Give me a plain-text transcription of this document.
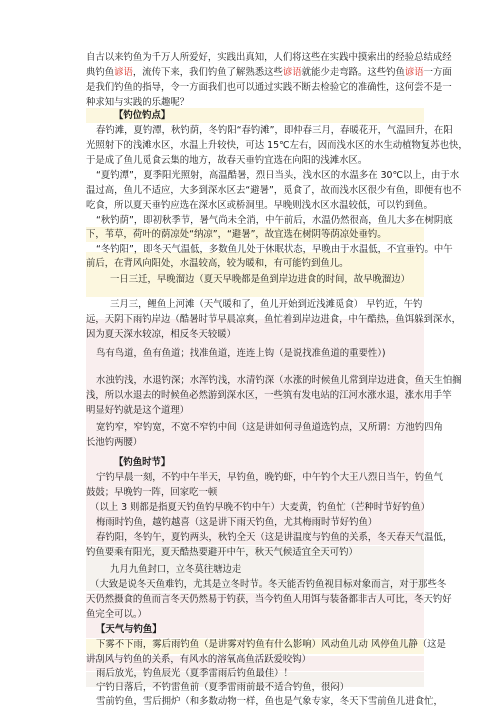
自古以来钓鱼为千万人所爱好，实践出真知，人们将这些在实践中摸索出的经验总结成经
典钓鱼谚语，流传下来，我们钓鱼了解熟悉这些谚语就能少走弯路。这些钓鱼谚语一方面
是我们钓鱼的指导，令一方面我们也可以通过实践不断去检验它的准确性，这何尝不是一
种求知与实践的乐趣呢？
【钓位钓点】
春钓滩，夏钓潭，秋钓荫，冬钓阳“春钓滩”，即仲春三月，春暖花开，气温回升，在阳
光照射下的浅滩水区，水温上升较快，可达 15℃左右，因而浅水区的水生动植物复苏也快，
于是成了鱼儿觅食云集的地方，故春天垂钓宜选在向阳的浅滩水区。
“夏钓潭”，夏季阳光照射，高温酷暑，烈日当头，浅水区的水温多在 30℃以上，由于水
温过高，鱼儿不适应，大多到深水区去“避暑”，觅食了，故而浅水区很少有鱼，即便有也不
吃食，所以夏天垂钓应选在深水区或桥洞里。早晚则浅水区水温较低，可以钓到鱼。
“秋钓荫”，即初秋季节，暑气尚未全消，中午前后，水温仍然很高，鱼儿大多在树阴底
下，苇草，荷叶的荫凉处“纳凉”，“避暑”，故宜选在树阴等荫凉处垂钓。
“冬钓阳”，即冬天气温低，多数鱼儿处于休眠状态，早晚由于水温低，不宜垂钓。中午
前后，在背风向阳处，水温较高，较为暖和，有可能钓到鱼儿。
一日三迁，早晚溜边（夏天早晚都是鱼到岸边进食的时间，故早晚溜边）
三月三，鲤鱼上河滩（天气暖和了，鱼儿开始到近浅滩觅食） 早钓近，午钓
远，天阴下雨钓岸边（酷暑时节早晨凉爽，鱼忙着到岸边进食，中午酷热，鱼饵躲到深水，
因为夏天深水较凉，相反冬天较暖）
鸟有鸟道，鱼有鱼道；找准鱼道，连连上钩（是说找准鱼道的重要性）)
水浊钓浅，水退钓深；水浑钓浅，水清钓深（水涨的时候鱼儿常到岸边进食，鱼天生怕搁
浅，所以水退去的时候鱼必然游到深水区，一些筑有发电站的江河水涨水退，涨水用手竿
明显好钓就是这个道理）
宽钓窄，窄钓宽，不宽不窄钓中间（这是讲如何寻鱼道选钓点，又所谓：方池钓四角
长池钓两腰）
【钓鱼时节】
宁钓早晨一刻，不钓中午半天，早钓鱼，晚钓虾，中午钓个大王八烈日当午，钓鱼气
鼓鼓；早晚钓一阵，回家吃一顿
（以上 3 则都是指夏天钓鱼钓早晚不钓中午）大麦黄，钓鱼忙（芒种时节好钓鱼）
梅雨时钓鱼，越钓越喜（这是讲下雨天钓鱼，尤其梅雨时节好钓鱼）
春钓阳，冬钓午，夏钓两头，秋钓全天（这是讲温度与钓鱼的关系，冬天春天气温低，
钓鱼要乘有阳光，夏天酷热要避开中午，秋天气候适宜全天可钓）
九月九鱼封口，立冬莫往塘边走
（大致是说冬天鱼难钓，尤其是立冬时节。冬天能否钓鱼视目标对象而言，对于那些冬
天仍然摄食的鱼而言冬天仍然易于钓获，当今钓鱼人用饵与装备都非古人可比，冬天钓好
鱼完全可以。）
【天气与钓鱼】
下雾不下雨，雾后雨钓鱼（是讲雾对钓鱼有什么影响）风动鱼儿动 风停鱼儿静（这是
讲刮风与钓鱼的关系，有风水的溶氧高鱼活跃爱咬钩）
雨后放光，钓鱼辰光（夏季雷雨后钓鱼最佳）！
宁钓日落后，不钓雷鱼前（夏季雷雨前最不适合钓鱼，很闷）
雪前钓鱼，雪后拥炉（和多数动物一样，鱼也是气象专家，冬天下雪前鱼儿进食忙，
